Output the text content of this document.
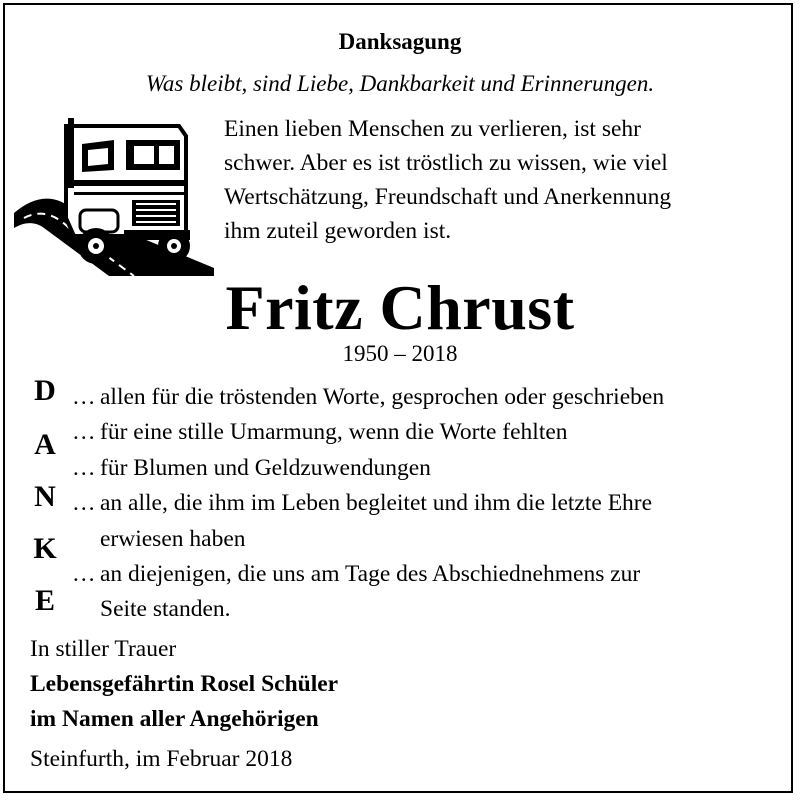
Danksagung
Was bleibt, sind Liebe, Dankbarkeit und Erinnerungen.
Einen lieben Menschen zu verlieren, ist sehr
schwer. Aber es ist tröstlich zu wissen, wie viel
Wertschätzung, Freundschaft und Anerkennung
ihm zuteil geworden ist.
Fritz Chrust
1950 – 2018
D
A
N
K
E
… allen für die tröstenden Worte, gesprochen oder geschrieben
… für eine stille Umarmung, wenn die Worte fehlten
… für Blumen und Geldzuwendungen
… an alle, die ihm im Leben begleitet und ihm die letzte Ehre
erwiesen haben
… an diejenigen, die uns am Tage des Abschiednehmens zur
Seite standen.
In stiller Trauer
Lebensgefährtin Rosel Schüler
im Namen aller Angehörigen
Steinfurth, im Februar 2018
